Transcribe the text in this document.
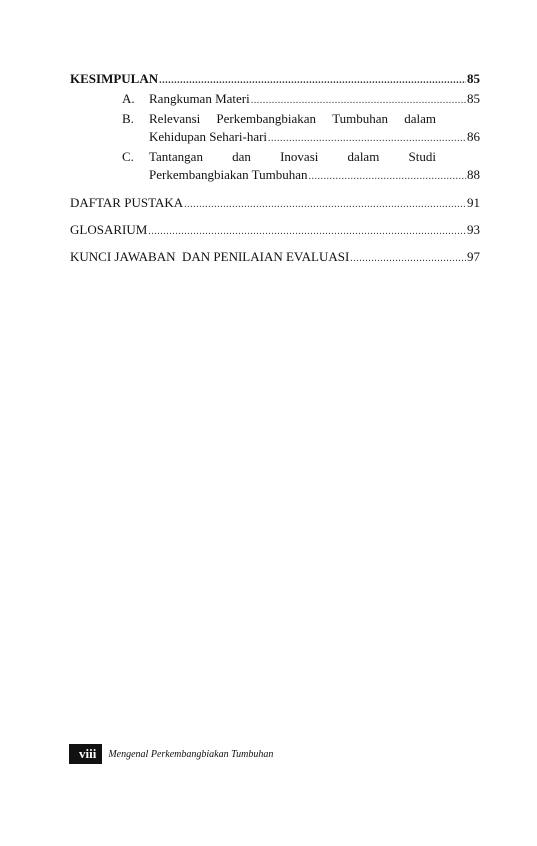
KESIMPULAN .....	85
A.	Rangkuman Materi .....	85
B.	Relevansi Perkembangbiakan Tumbuhan dalam
Kehidupan Sehari-hari .....	86
C.	Tantangan dan Inovasi dalam Studi
Perkembangbiakan Tumbuhan .....	88
DAFTAR PUSTAKA .....	91
GLOSARIUM .....	93
KUNCI JAWABAN  DAN PENILAIAN EVALUASI .....	97
viii	Mengenal Perkembangbiakan Tumbuhan
